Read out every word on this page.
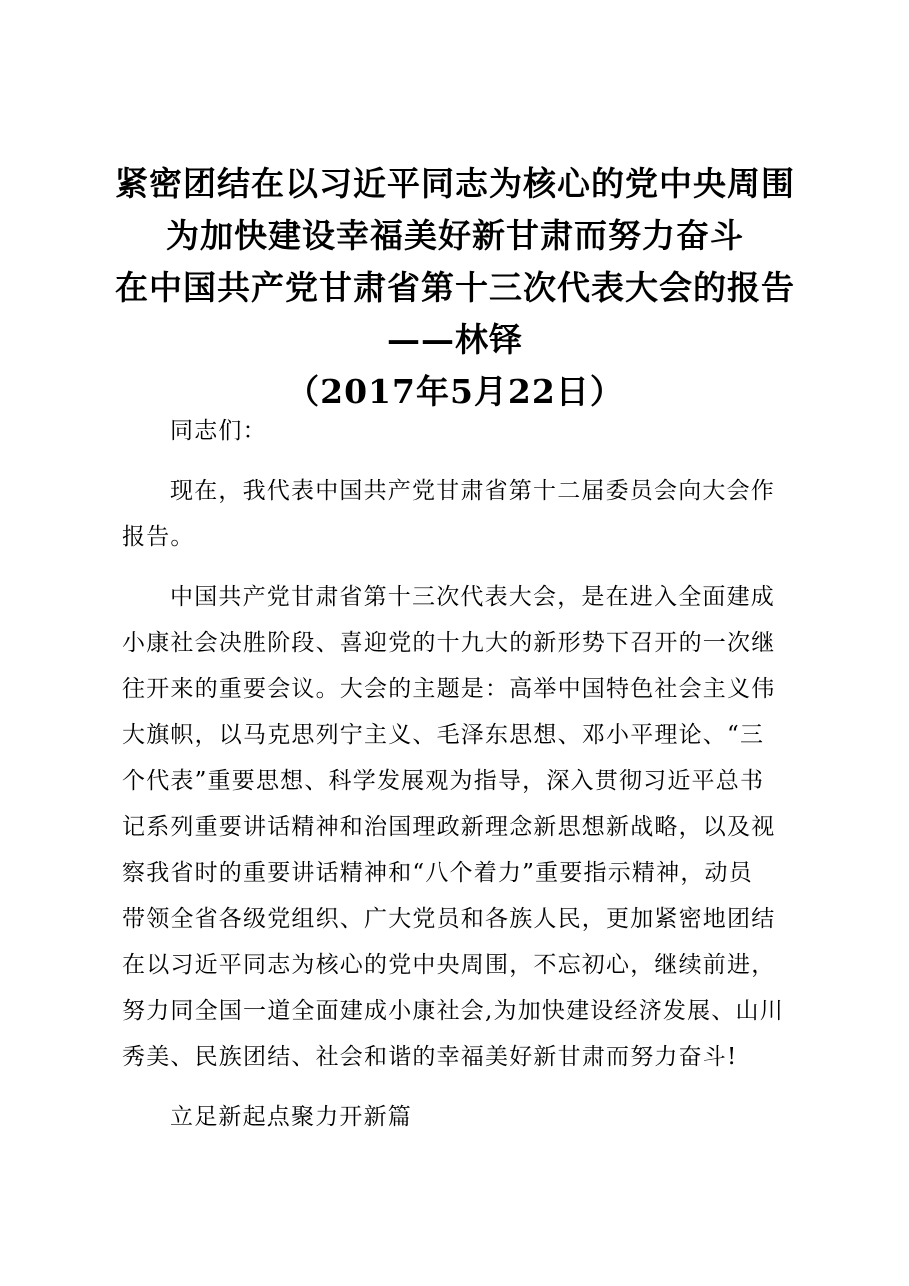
紧密团结在以习近平同志为核心的党中央周围
为加快建设幸福美好新甘肃而努力奋斗
在中国共产党甘肃省第十三次代表大会的报告
——林铎
（2017年5月22日）
同志们：
现在，我代表中国共产党甘肃省第十二届委员会向大会作
报告。
中国共产党甘肃省第十三次代表大会，是在进入全面建成
小康社会决胜阶段、喜迎党的十九大的新形势下召开的一次继
往开来的重要会议。大会的主题是：高举中国特色社会主义伟
大旗帜，以马克思列宁主义、毛泽东思想、邓小平理论、“三
个代表”重要思想、科学发展观为指导，深入贯彻习近平总书
记系列重要讲话精神和治国理政新理念新思想新战略，以及视
察我省时的重要讲话精神和“八个着力”重要指示精神，动员
带领全省各级党组织、广大党员和各族人民，更加紧密地团结
在以习近平同志为核心的党中央周围，不忘初心，继续前进，
努力同全国一道全面建成小康社会,为加快建设经济发展、山川
秀美、民族团结、社会和谐的幸福美好新甘肃而努力奋斗!
立足新起点聚力开新篇
